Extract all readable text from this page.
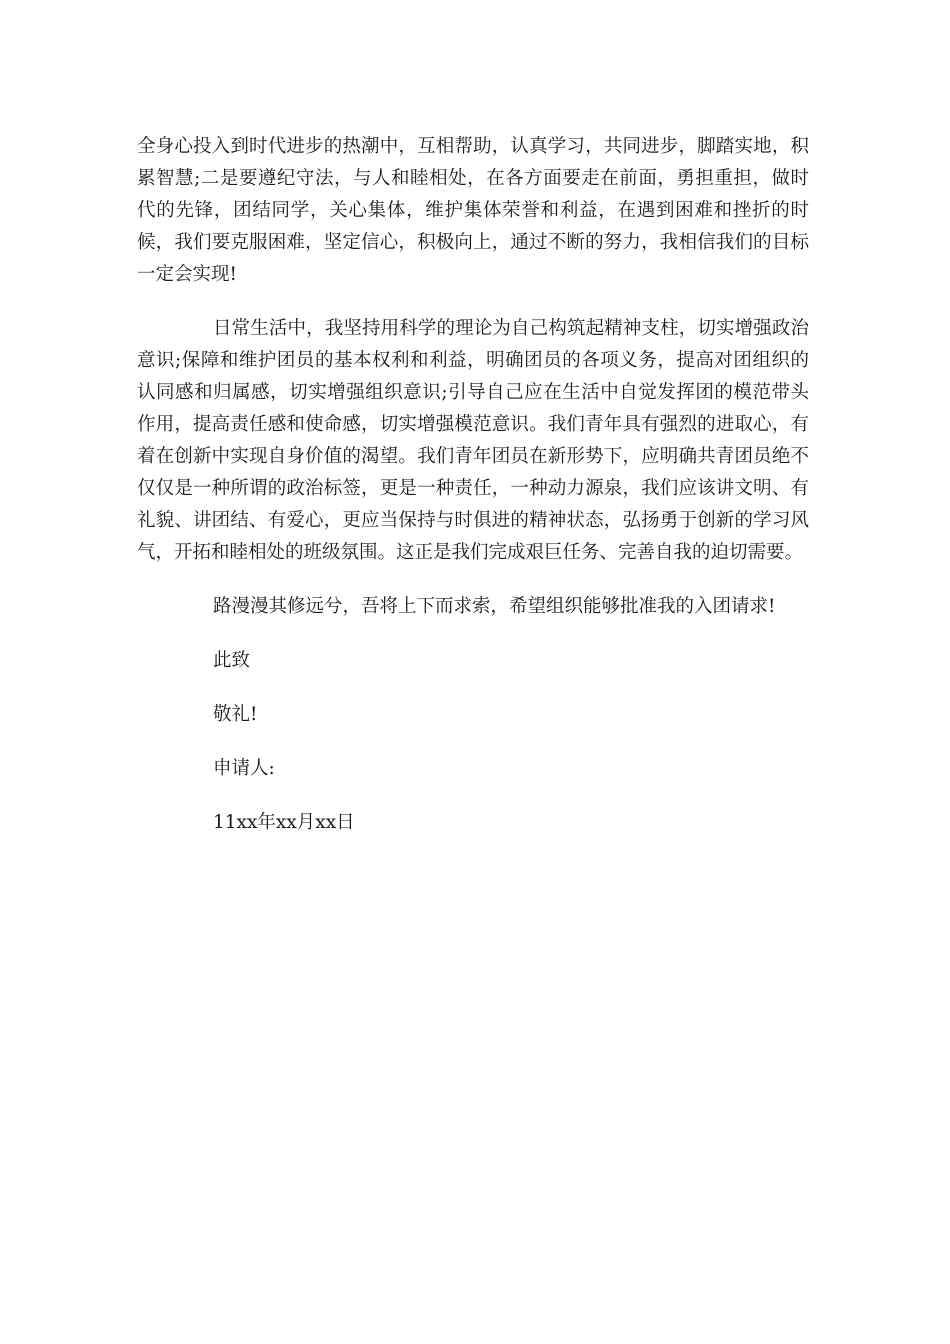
全身心投入到时代进步的热潮中，互相帮助，认真学习，共同进步，脚踏实地，积累智慧;二是要遵纪守法，与人和睦相处，在各方面要走在前面，勇担重担，做时代的先锋，团结同学，关心集体，维护集体荣誉和利益，在遇到困难和挫折的时候，我们要克服困难，坚定信心，积极向上，通过不断的努力，我相信我们的目标一定会实现!

日常生活中，我坚持用科学的理论为自己构筑起精神支柱，切实增强政治意识;保障和维护团员的基本权利和利益，明确团员的各项义务，提高对团组织的认同感和归属感，切实增强组织意识;引导自己应在生活中自觉发挥团的模范带头作用，提高责任感和使命感，切实增强模范意识。我们青年具有强烈的进取心，有着在创新中实现自身价值的渴望。我们青年团员在新形势下，应明确共青团员绝不仅仅是一种所谓的政治标签，更是一种责任，一种动力源泉，我们应该讲文明、有礼貌、讲团结、有爱心，更应当保持与时俱进的精神状态，弘扬勇于创新的学习风气，开拓和睦相处的班级氛围。这正是我们完成艰巨任务、完善自我的迫切需要。

路漫漫其修远兮，吾将上下而求索，希望组织能够批准我的入团请求!

此致

敬礼!

申请人:

11xx年xx月xx日
